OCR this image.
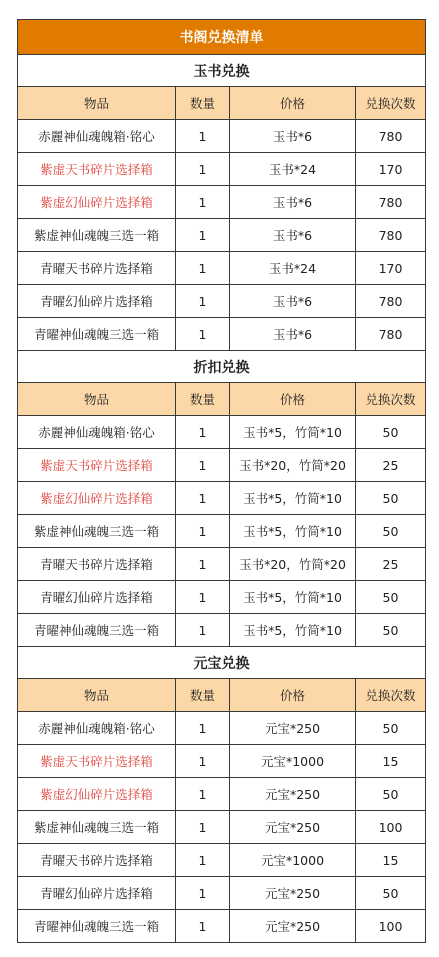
书阁兑换清单			
玉书兑换			
物品	数量	价格	兑换次数
赤麗神仙魂魄箱·铭心	1	玉书*6	780
紫虚天书碎片选择箱	1	玉书*24	170
紫虚幻仙碎片选择箱	1	玉书*6	780
紫虚神仙魂魄三选一箱	1	玉书*6	780
青曜天书碎片选择箱	1	玉书*24	170
青曜幻仙碎片选择箱	1	玉书*6	780
青曜神仙魂魄三选一箱	1	玉书*6	780
折扣兑换			
物品	数量	价格	兑换次数
赤麗神仙魂魄箱·铭心	1	玉书*5，竹简*10	50
紫虚天书碎片选择箱	1	玉书*20，竹简*20	25
紫虚幻仙碎片选择箱	1	玉书*5，竹简*10	50
紫虚神仙魂魄三选一箱	1	玉书*5，竹简*10	50
青曜天书碎片选择箱	1	玉书*20，竹简*20	25
青曜幻仙碎片选择箱	1	玉书*5，竹简*10	50
青曜神仙魂魄三选一箱	1	玉书*5，竹简*10	50
元宝兑换			
物品	数量	价格	兑换次数
赤麗神仙魂魄箱·铭心	1	元宝*250	50
紫虚天书碎片选择箱	1	元宝*1000	15
紫虚幻仙碎片选择箱	1	元宝*250	50
紫虚神仙魂魄三选一箱	1	元宝*250	100
青曜天书碎片选择箱	1	元宝*1000	15
青曜幻仙碎片选择箱	1	元宝*250	50
青曜神仙魂魄三选一箱	1	元宝*250	100
